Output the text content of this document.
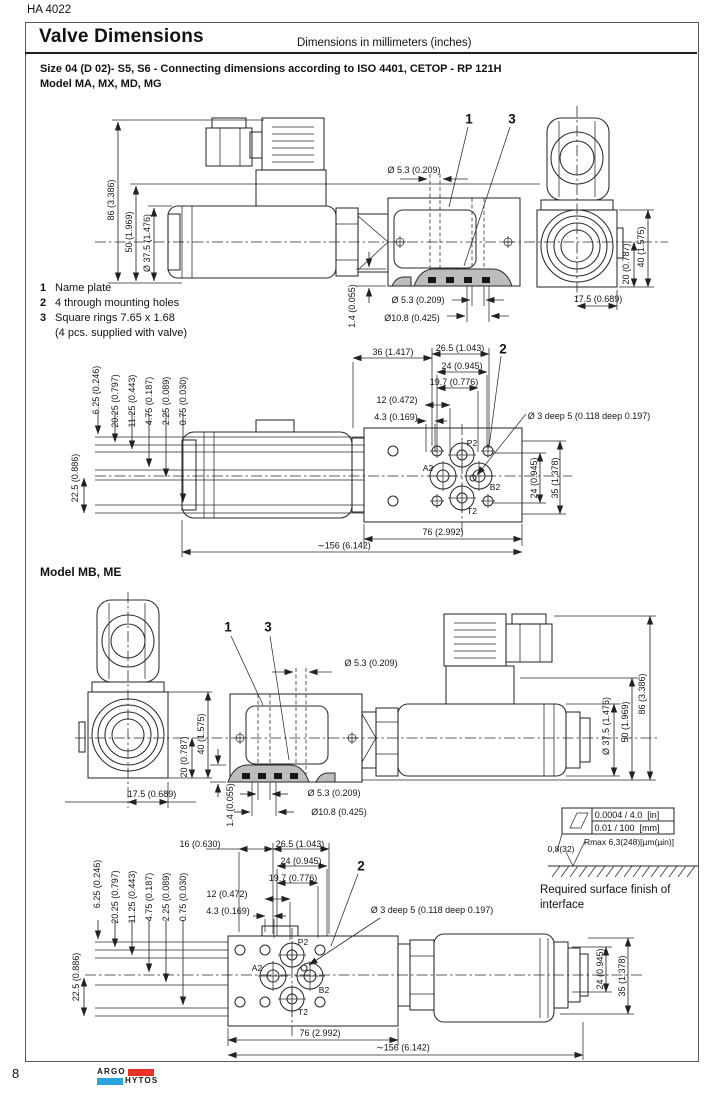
HA 4022
Valve Dimensions	Dimensions in millimeters (inches)
Size 04 (D 02)- S5, S6 - Connecting dimensions according to ISO 4401, CETOP - RP 121H
Model MA, MX, MD, MG
86 (3.386)
50 (1.969) Ø 37.5 (1.476)
Ø 5.3 (0.209)
1	3
40 (1.575)
20 (0.787)
17.5 (0.689)
Ø 5.3 (0.209)
Ø10.8 (0.425)
1.4 (0.055)
36 (1.417) 26.5 (1.043)
24 (0.945)
19.7 (0.776)
12 (0.472)
4.3 (0.169)
2
Ø 3 deep 5 (0.118 deep 0.197)
6.25 (0.246) 20.25 (0.797) 11.25 (0.443) 4.75 (0.187) 2.25 (0.089) 0.75 (0.030)
22.5 (0.886)
P2
A2
B2
T2
24 (0.945) 35 (1.378)
76 (2.992)
∼156 (6.142)
Model MB, ME
1 3
Ø 5.3 (0.209)
86 (3.386)
50 (1.969)
Ø 37.5 (1.476)
40 (1.575)
20 (0.787)
17.5 (0.689)	1.4 (0.055)	Ø 5.3 (0.209)
Ø10.8 (0.425)
16 (0.630)	26.5 (1.043)
24 (0.945)
19.7 (0.776)
12 (0.472)
4.3 (0.169)
2
Ø 3 deep 5 (0.118 deep 0.197)
6.25 (0.246) 20.25 (0.797) 11.25 (0.443) 4.75 (0.187) 2.25 (0.089) 0.75 (0.030)
22.5 (0.886)
P2
A2
B2
T2
24 (0.945) 35 (1.378)
76 (2.992)
∼156 (6.142)
1 Name plate
2 4 through mounting holes
3 Square rings 7.65 x 1.68
(4 pcs. supplied with valve)
0.0004 / 4.0 [in]
0.01 / 100 [mm]
Rmax 6,3(248)[µm(µin)]
0,8(32)
Required surface finish of
interface
8	ARGO
HYTOS
